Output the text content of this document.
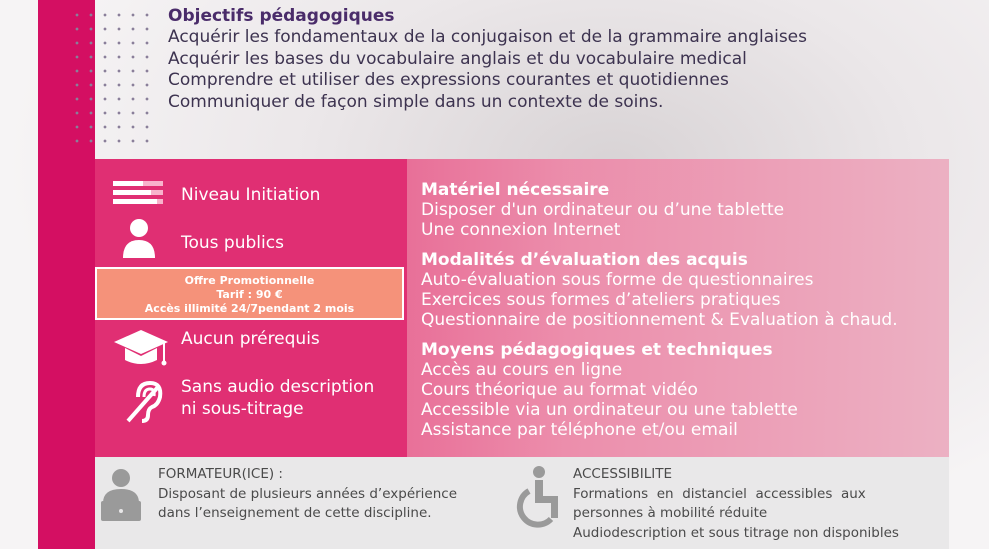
Objectifs pédagogiques
Acquérir les fondamentaux de la conjugaison et de la grammaire anglaises
Acquérir les bases du vocabulaire anglais et du vocabulaire medical
Comprendre et utiliser des expressions courantes et quotidiennes
Communiquer de façon simple dans un contexte de soins.
Niveau Initiation
Tous publics
Offre Promotionnelle
Tarif : 90 €
Accès illimité 24/7pendant 2 mois
Aucun prérequis
Sans audio description
ni sous-titrage
Matériel nécessaire
Disposer d'un ordinateur ou d’une tablette
Une connexion Internet
Modalités d’évaluation des acquis
Auto-évaluation sous forme de questionnaires
Exercices sous formes d’ateliers pratiques
Questionnaire de positionnement & Evaluation à chaud.
Moyens pédagogiques et techniques
Accès au cours en ligne
Cours théorique au format vidéo
Accessible via un ordinateur ou une tablette
Assistance par téléphone et/ou email
FORMATEUR(ICE) :
Disposant de plusieurs années d’expérience
dans l’enseignement de cette discipline.
ACCESSIBILITE
Formations  en  distanciel  accessibles  aux
personnes à mobilité réduite
Audiodescription et sous titrage non disponibles
